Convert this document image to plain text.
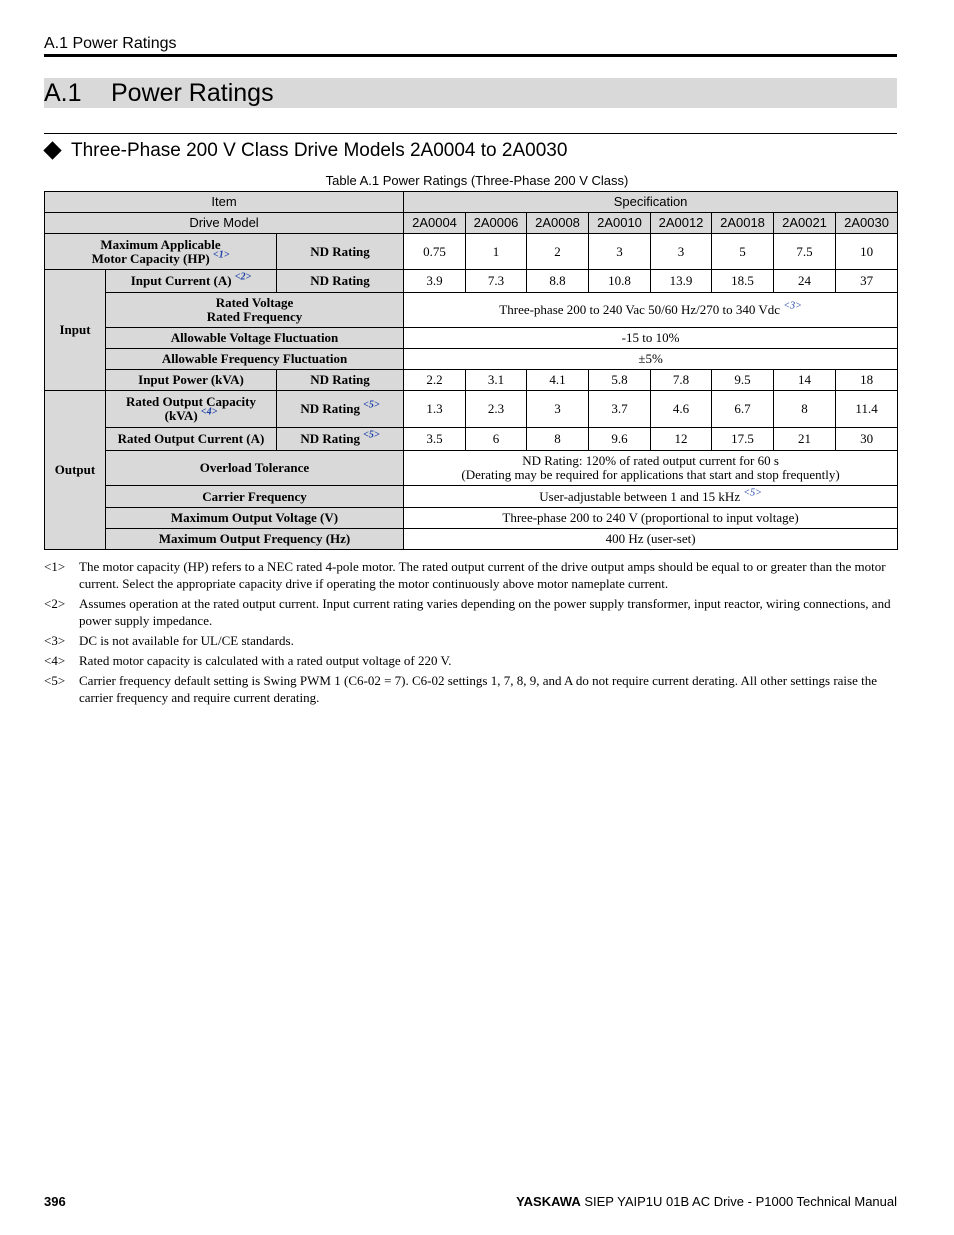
A.1 Power Ratings
A.1 Power Ratings
Three-Phase 200 V Class Drive Models 2A0004 to 2A0030
Table A.1 Power Ratings (Three-Phase 200 V Class)
Item			Specification							
Drive Model			2A0004	2A0006	2A0008	2A0010	2A0012	2A0018	2A0021	2A0030
Maximum Applicable
Motor Capacity (HP) $^{<1>}$		ND Rating	0.75	1	2	3	3	5	7.5	10
Input	Input Current (A) $^{<2>}$	ND Rating	3.9	7.3	8.8	10.8	13.9	18.5	24	37
	Rated Voltage
Rated Frequency		Three-phase 200 to 240 Vac 50/60 Hz/270 to 340 Vdc $^{<3>}$
	Allowable Voltage Fluctuation		-15 to 10%							
	Allowable Frequency Fluctuation		±5%							
	Input Power (kVA)	ND Rating	2.2	3.1	4.1	5.8	7.8	9.5	14	18
Output	Rated Output Capacity
(kVA) $^{<4>}$	ND Rating $^{<5>}$	1.3	2.3	3	3.7	4.6	6.7	8	11.4
	Rated Output Current (A)	ND Rating $^{<5>}$	3.5	6	8	9.6	12	17.5	21	30
	Overload Tolerance		ND Rating: 120% of rated output current for 60 s
(Derating may be required for applications that start and stop frequently)							
	Carrier Frequency		User-adjustable between 1 and 15 kHz $^{<5>}$
	Maximum Output Voltage (V)		Three-phase 200 to 240 V (proportional to input voltage)							
	Maximum Output Frequency (Hz)		400 Hz (user-set)							
<1>	The motor capacity (HP) refers to a NEC rated 4-pole motor. The rated output current of the drive output amps should be equal to or greater than the motor current. Select the appropriate capacity drive if operating the motor continuously above motor nameplate current.
<2>	Assumes operation at the rated output current. Input current rating varies depending on the power supply transformer, input reactor, wiring connections, and power supply impedance.
<3>	DC is not available for UL/CE standards.
<4>	Rated motor capacity is calculated with a rated output voltage of 220 V.
<5>	Carrier frequency default setting is Swing PWM 1 (C6-02 = 7). C6-02 settings 1, 7, 8, 9, and A do not require current derating. All other settings raise the carrier frequency and require current derating.
396	YASKAWA SIEP YAIP1U 01B AC Drive - P1000 Technical Manual
